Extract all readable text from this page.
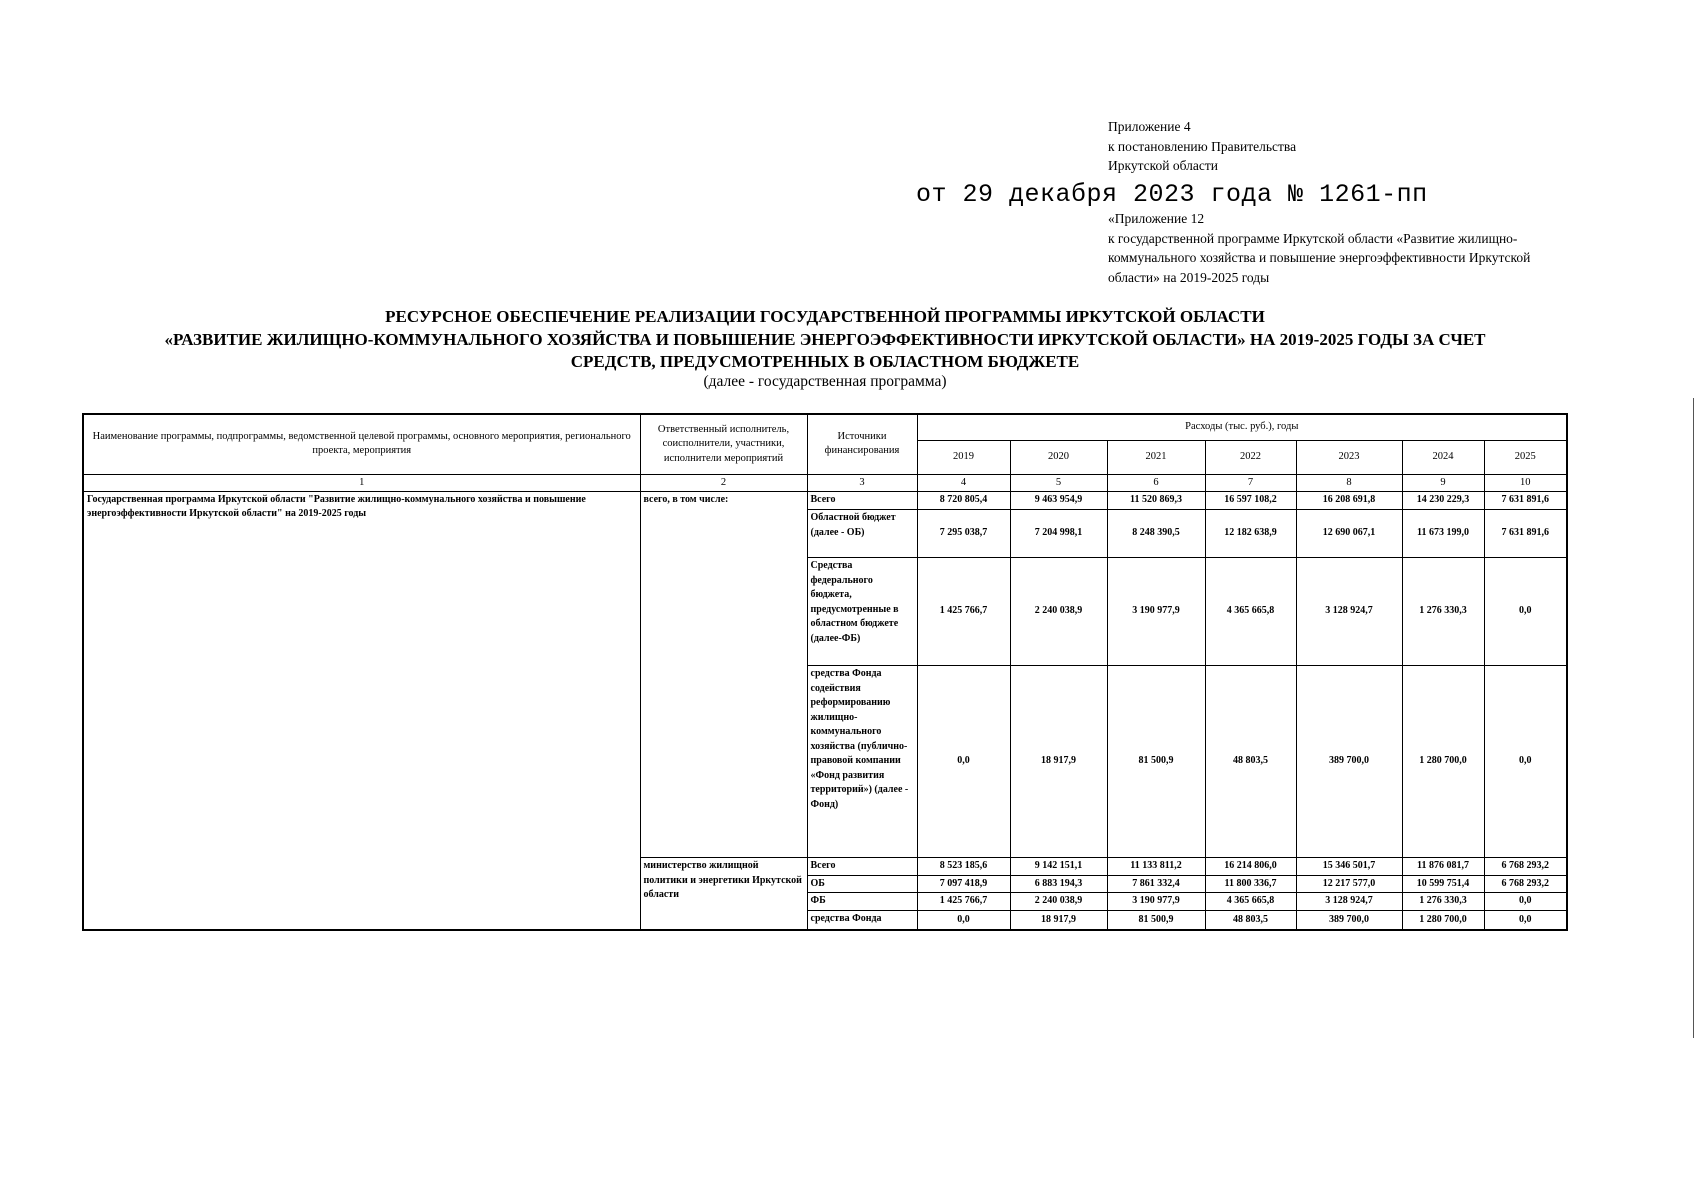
Приложение 4
к постановлению Правительства
Иркутской области
от 29 декабря 2023 года № 1261-пп
«Приложение 12
к государственной программе Иркутской области «Развитие жилищно-коммунального хозяйства и повышение энергоэффективности Иркутской области» на 2019-2025 годы
РЕСУРСНОЕ ОБЕСПЕЧЕНИЕ РЕАЛИЗАЦИИ ГОСУДАРСТВЕННОЙ ПРОГРАММЫ ИРКУТСКОЙ ОБЛАСТИ
«РАЗВИТИЕ ЖИЛИЩНО-КОММУНАЛЬНОГО ХОЗЯЙСТВА И ПОВЫШЕНИЕ ЭНЕРГОЭФФЕКТИВНОСТИ ИРКУТСКОЙ ОБЛАСТИ» НА 2019-2025 ГОДЫ ЗА СЧЕТ
СРЕДСТВ, ПРЕДУСМОТРЕННЫХ В ОБЛАСТНОМ БЮДЖЕТЕ
(далее - государственная программа)
Наименование программы, подпрограммы, ведомственной целевой программы, основного мероприятия, регионального проекта, мероприятия	Ответственный исполнитель, соисполнители, участники, исполнители мероприятий	Источники финансирования	Расходы (тыс. руб.), годы						
			2019	2020	2021	2022	2023	2024	2025
1	2	3	4	5	6	7	8	9	10
Государственная программа Иркутской области "Развитие жилищно-коммунального хозяйства и повышение энергоэффективности Иркутской области" на 2019-2025 годы	всего, в том числе:	Всего	8 720 805,4	9 463 954,9	11 520 869,3	16 597 108,2	16 208 691,8	14 230 229,3	7 631 891,6
		Областной бюджет (далее - ОБ)	7 295 038,7	7 204 998,1	8 248 390,5	12 182 638,9	12 690 067,1	11 673 199,0	7 631 891,6
		Средства федерального бюджета, предусмотренные в областном бюджете (далее-ФБ)	1 425 766,7	2 240 038,9	3 190 977,9	4 365 665,8	3 128 924,7	1 276 330,3	0,0
		средства Фонда содействия реформированию жилищно-коммунального хозяйства (публично-правовой компании «Фонд развития территорий») (далее - Фонд)	0,0	18 917,9	81 500,9	48 803,5	389 700,0	1 280 700,0	0,0
	министерство жилищной политики и энергетики Иркутской области	Всего	8 523 185,6	9 142 151,1	11 133 811,2	16 214 806,0	15 346 501,7	11 876 081,7	6 768 293,2
		ОБ	7 097 418,9	6 883 194,3	7 861 332,4	11 800 336,7	12 217 577,0	10 599 751,4	6 768 293,2
		ФБ	1 425 766,7	2 240 038,9	3 190 977,9	4 365 665,8	3 128 924,7	1 276 330,3	0,0
		средства Фонда	0,0	18 917,9	81 500,9	48 803,5	389 700,0	1 280 700,0	0,0
